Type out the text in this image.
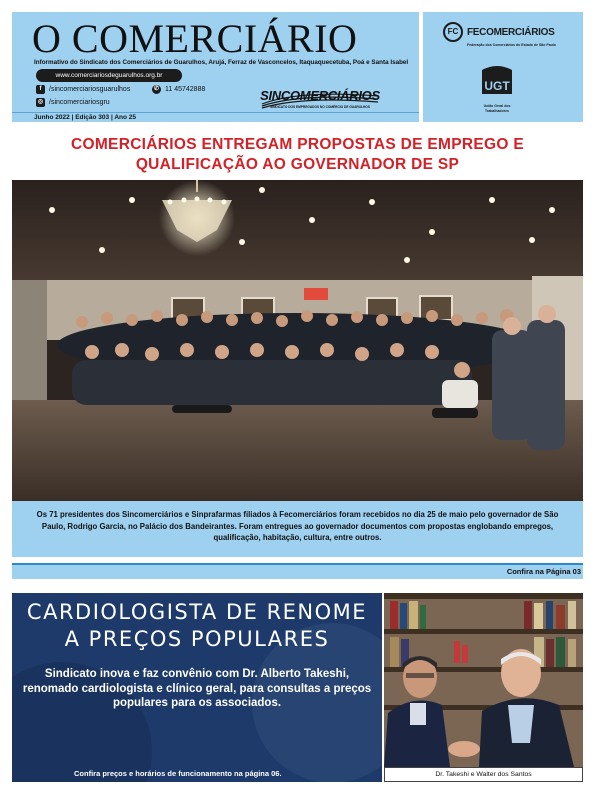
O COMERCIÁRIO
Informativo do Sindicato dos Comerciários de Guarulhos, Arujá, Ferraz de Vasconcelos, Itaquaquecetuba, Poá e Santa Isabel
www.comerciariosdeguarulhos.org.br
f	/sincomerciariosguarulhos	✆ 11 45742888
◎ /sincomerciariosgru	SINCOMERCIÁRIOS
SINDICATO DOS EMPREGADOS NO COMÉRCIO DE GUARULHOS
Junho 2022 | Edição 303 | Ano 25
FC FECOMERCIÁRIOS
Federação dos Comerciários do Estado de São Paulo
UGT
União Geral dos Trabalhadores
COMERCIÁRIOS ENTREGAM PROPOSTAS DE EMPREGO E QUALIFICAÇÃO AO GOVERNADOR DE SP

Os 71 presidentes dos Sincomerciários e Sinprafarmas filiados à Fecomerciários foram recebidos no dia 25 de maio pelo governador de São Paulo, Rodrigo Garcia, no Palácio dos Bandeirantes. Foram entregues ao governador documentos com propostas englobando empregos, qualificação, habitação, cultura, entre outros.

Confira na Página 03
CARDIOLOGISTA DE RENOME
A PREÇOS POPULARES
Sindicato inova e faz convênio com Dr. Alberto Takeshi, renomado cardiologista e clínico geral, para consultas a preços populares para os associados.
Confira preços e horários de funcionamento na página 06.	Dr. Takeshi e Walter dos Santos
